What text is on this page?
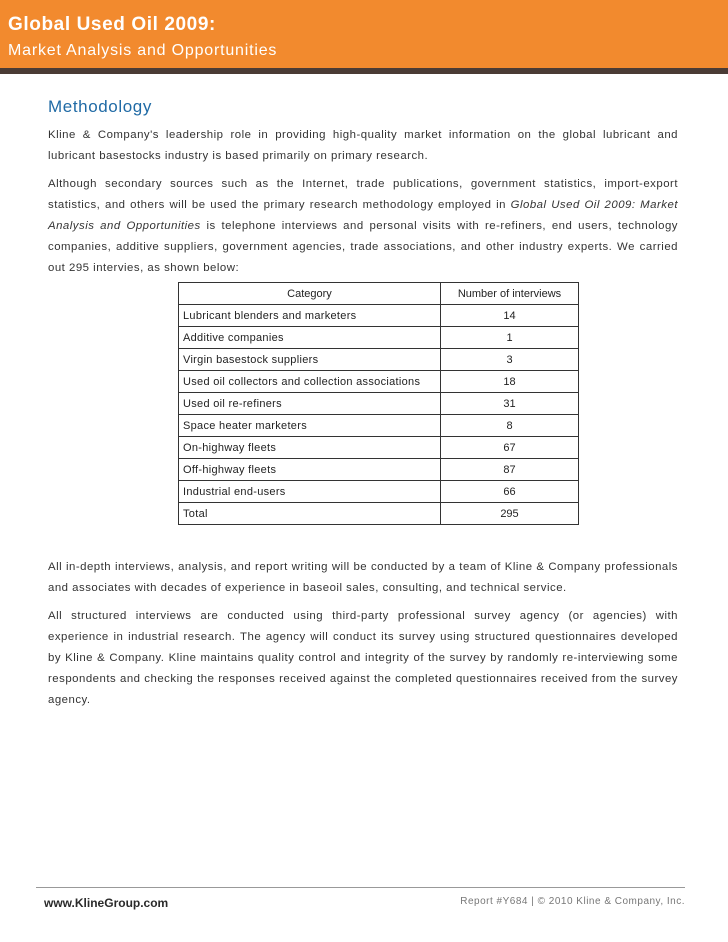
Global Used Oil 2009:
Market Analysis and Opportunities
Methodology
Kline & Company's leadership role in providing high-quality market information on the global lubricant and lubricant basestocks industry is based primarily on primary research.
Although secondary sources such as the Internet, trade publications, government statistics, import-export statistics, and others will be used the primary research methodology employed in Global Used Oil 2009: Market Analysis and Opportunities is telephone interviews and personal visits with re-refiners, end users, technology companies, additive suppliers, government agencies, trade associations, and other industry experts. We carried out 295 intervies, as shown below:
Category	Number of interviews
Lubricant blenders and marketers	14
Additive companies	1
Virgin basestock suppliers	3
Used oil collectors and collection associations	18
Used oil re-refiners	31
Space heater marketers	8
On-highway fleets	67
Off-highway fleets	87
Industrial end-users	66
Total	295
All in-depth interviews, analysis, and report writing will be conducted by a team of Kline & Company professionals and associates with decades of experience in baseoil sales, consulting, and technical service.
All structured interviews are conducted using third-party professional survey agency (or agencies) with experience in industrial research. The agency will conduct its survey using structured questionnaires developed by Kline & Company. Kline maintains quality control and integrity of the survey by randomly re-interviewing some respondents and checking the responses received against the completed questionnaires received from the survey agency.
www.KlineGroup.com	Report #Y684 | © 2010 Kline & Company, Inc.
